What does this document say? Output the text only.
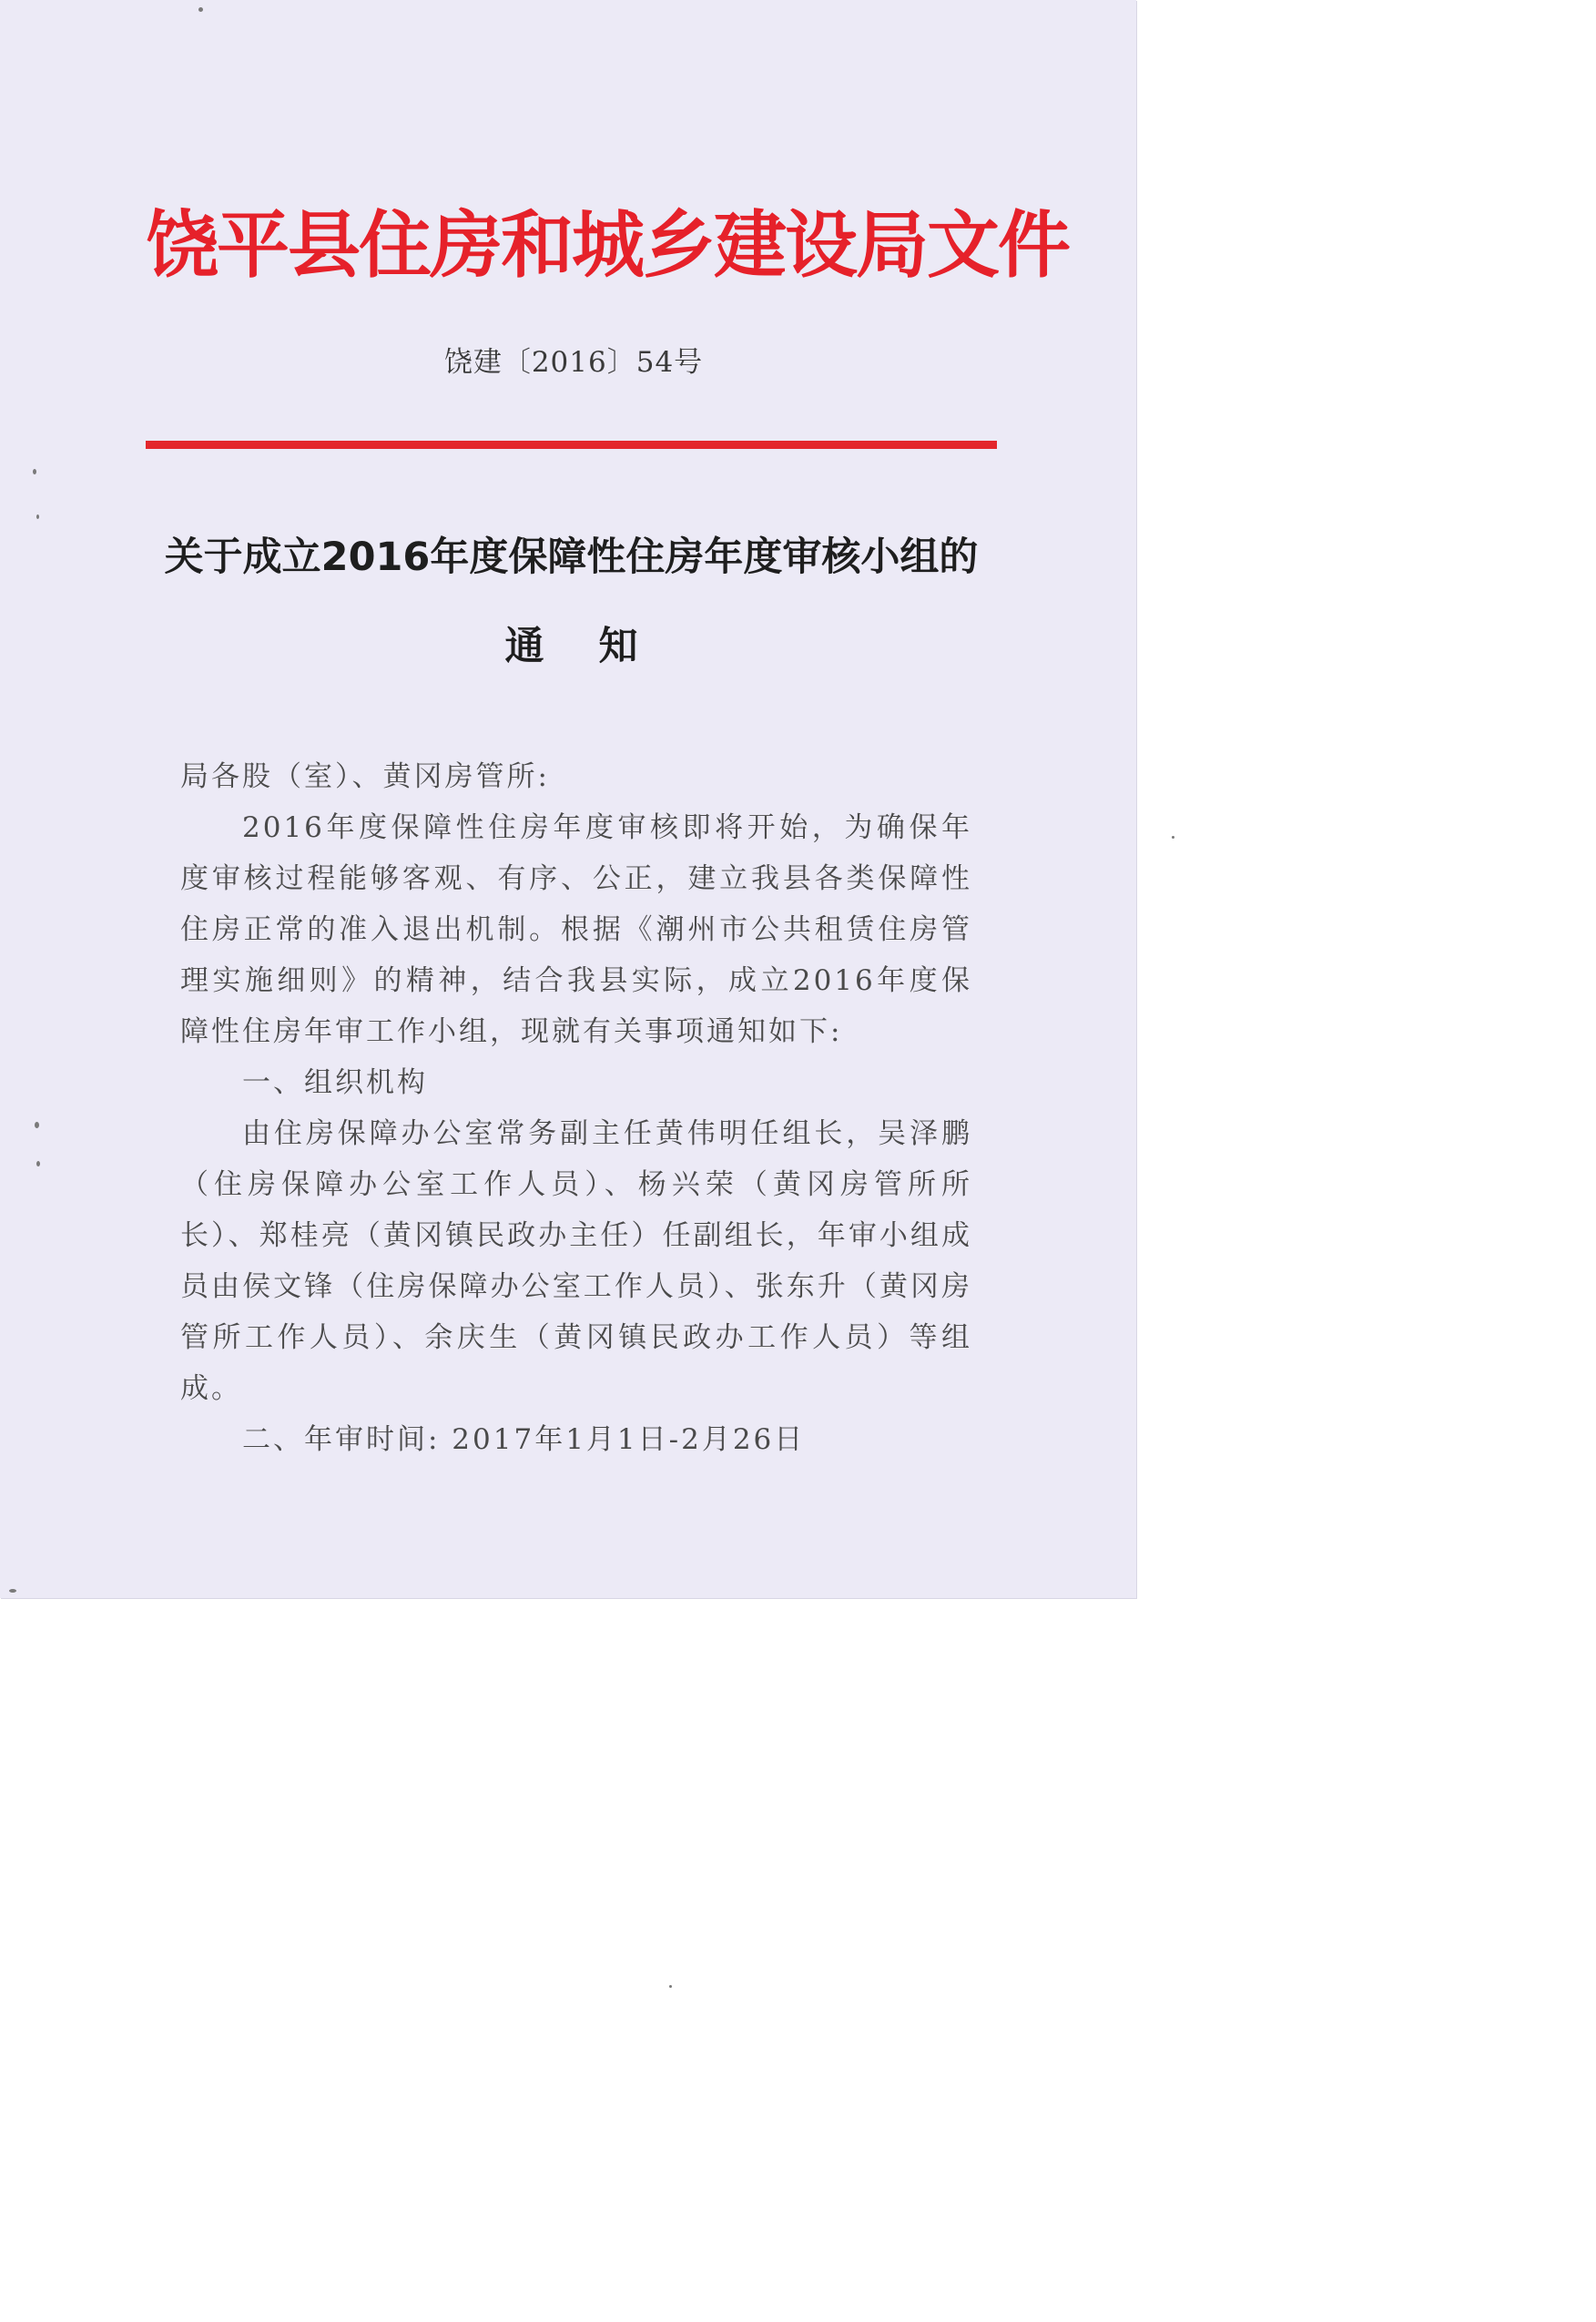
饶平县住房和城乡建设局文件
饶建〔2016〕54号
关于成立2016年度保障性住房年度审核小组的
通知

局各股（室）、黄冈房管所:

2016年度保障性住房年度审核即将开始，为确保年度审核过程能够客观、有序、公正，建立我县各类保障性住房正常的准入退出机制。根据《潮州市公共租赁住房管理实施细则》的精神，结合我县实际，成立2016年度保障性住房年审工作小组，现就有关事项通知如下:

一、组织机构

由住房保障办公室常务副主任黄伟明任组长，吴泽鹏（住房保障办公室工作人员）、杨兴荣（黄冈房管所所长）、郑桂亮（黄冈镇民政办主任）任副组长，年审小组成员由侯文锋（住房保障办公室工作人员）、张东升（黄冈房管所工作人员）、余庆生（黄冈镇民政办工作人员）等组成。

二、年审时间: 2017年1月1日-2月26日
